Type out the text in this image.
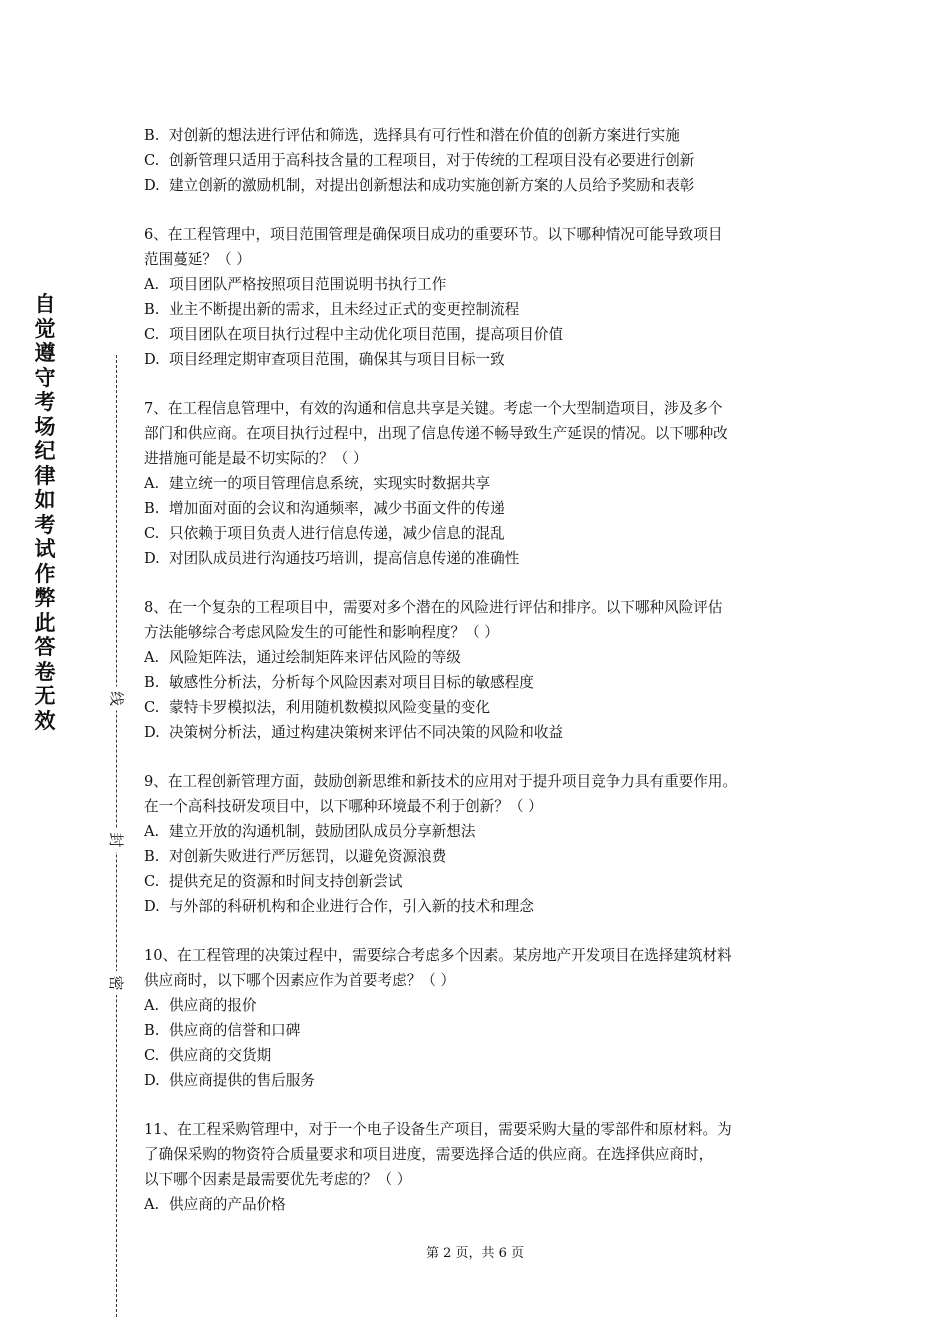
自觉遵守考场纪律如考试作弊此答卷无效
线
封
密
B. 对创新的想法进行评估和筛选，选择具有可行性和潜在价值的创新方案进行实施
C. 创新管理只适用于高科技含量的工程项目，对于传统的工程项目没有必要进行创新
D. 建立创新的激励机制，对提出创新想法和成功实施创新方案的人员给予奖励和表彰
6、在工程管理中，项目范围管理是确保项目成功的重要环节。以下哪种情况可能导致项目
范围蔓延？（ ）
A. 项目团队严格按照项目范围说明书执行工作
B. 业主不断提出新的需求，且未经过正式的变更控制流程
C. 项目团队在项目执行过程中主动优化项目范围，提高项目价值
D. 项目经理定期审查项目范围，确保其与项目目标一致
7、在工程信息管理中，有效的沟通和信息共享是关键。考虑一个大型制造项目，涉及多个
部门和供应商。在项目执行过程中，出现了信息传递不畅导致生产延误的情况。以下哪种改
进措施可能是最不切实际的？（ ）
A. 建立统一的项目管理信息系统，实现实时数据共享
B. 增加面对面的会议和沟通频率，减少书面文件的传递
C. 只依赖于项目负责人进行信息传递，减少信息的混乱
D. 对团队成员进行沟通技巧培训，提高信息传递的准确性
8、在一个复杂的工程项目中，需要对多个潜在的风险进行评估和排序。以下哪种风险评估
方法能够综合考虑风险发生的可能性和影响程度？（ ）
A. 风险矩阵法，通过绘制矩阵来评估风险的等级
B. 敏感性分析法，分析每个风险因素对项目目标的敏感程度
C. 蒙特卡罗模拟法，利用随机数模拟风险变量的变化
D. 决策树分析法，通过构建决策树来评估不同决策的风险和收益
9、在工程创新管理方面，鼓励创新思维和新技术的应用对于提升项目竞争力具有重要作用。
在一个高科技研发项目中，以下哪种环境最不利于创新？（ ）
A. 建立开放的沟通机制，鼓励团队成员分享新想法
B. 对创新失败进行严厉惩罚，以避免资源浪费
C. 提供充足的资源和时间支持创新尝试
D. 与外部的科研机构和企业进行合作，引入新的技术和理念
10、在工程管理的决策过程中，需要综合考虑多个因素。某房地产开发项目在选择建筑材料
供应商时，以下哪个因素应作为首要考虑？（ ）
A. 供应商的报价
B. 供应商的信誉和口碑
C. 供应商的交货期
D. 供应商提供的售后服务
11、在工程采购管理中，对于一个电子设备生产项目，需要采购大量的零部件和原材料。为
了确保采购的物资符合质量要求和项目进度，需要选择合适的供应商。在选择供应商时，
以下哪个因素是最需要优先考虑的？（ ）
A. 供应商的产品价格
第 2 页，共 6 页
